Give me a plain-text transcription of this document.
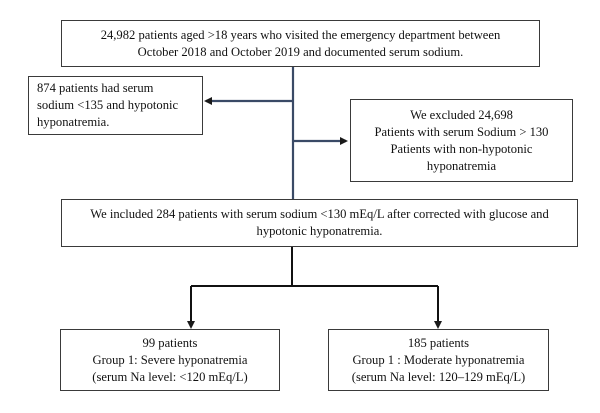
24,982 patients aged >18 years who visited the emergency department between
October 2018 and October 2019 and documented serum sodium.
874 patients had serum
sodium <135 and hypotonic
hyponatremia.
We excluded 24,698
Patients with serum Sodium > 130
Patients with non-hypotonic
hyponatremia
We included 284 patients with serum sodium <130 mEq/L after corrected with glucose and
hypotonic hyponatremia.
99 patients
Group 1: Severe hyponatremia
(serum Na level: <120 mEq/L)
185 patients
Group 1 : Moderate hyponatremia
(serum Na level: 120–129 mEq/L)
